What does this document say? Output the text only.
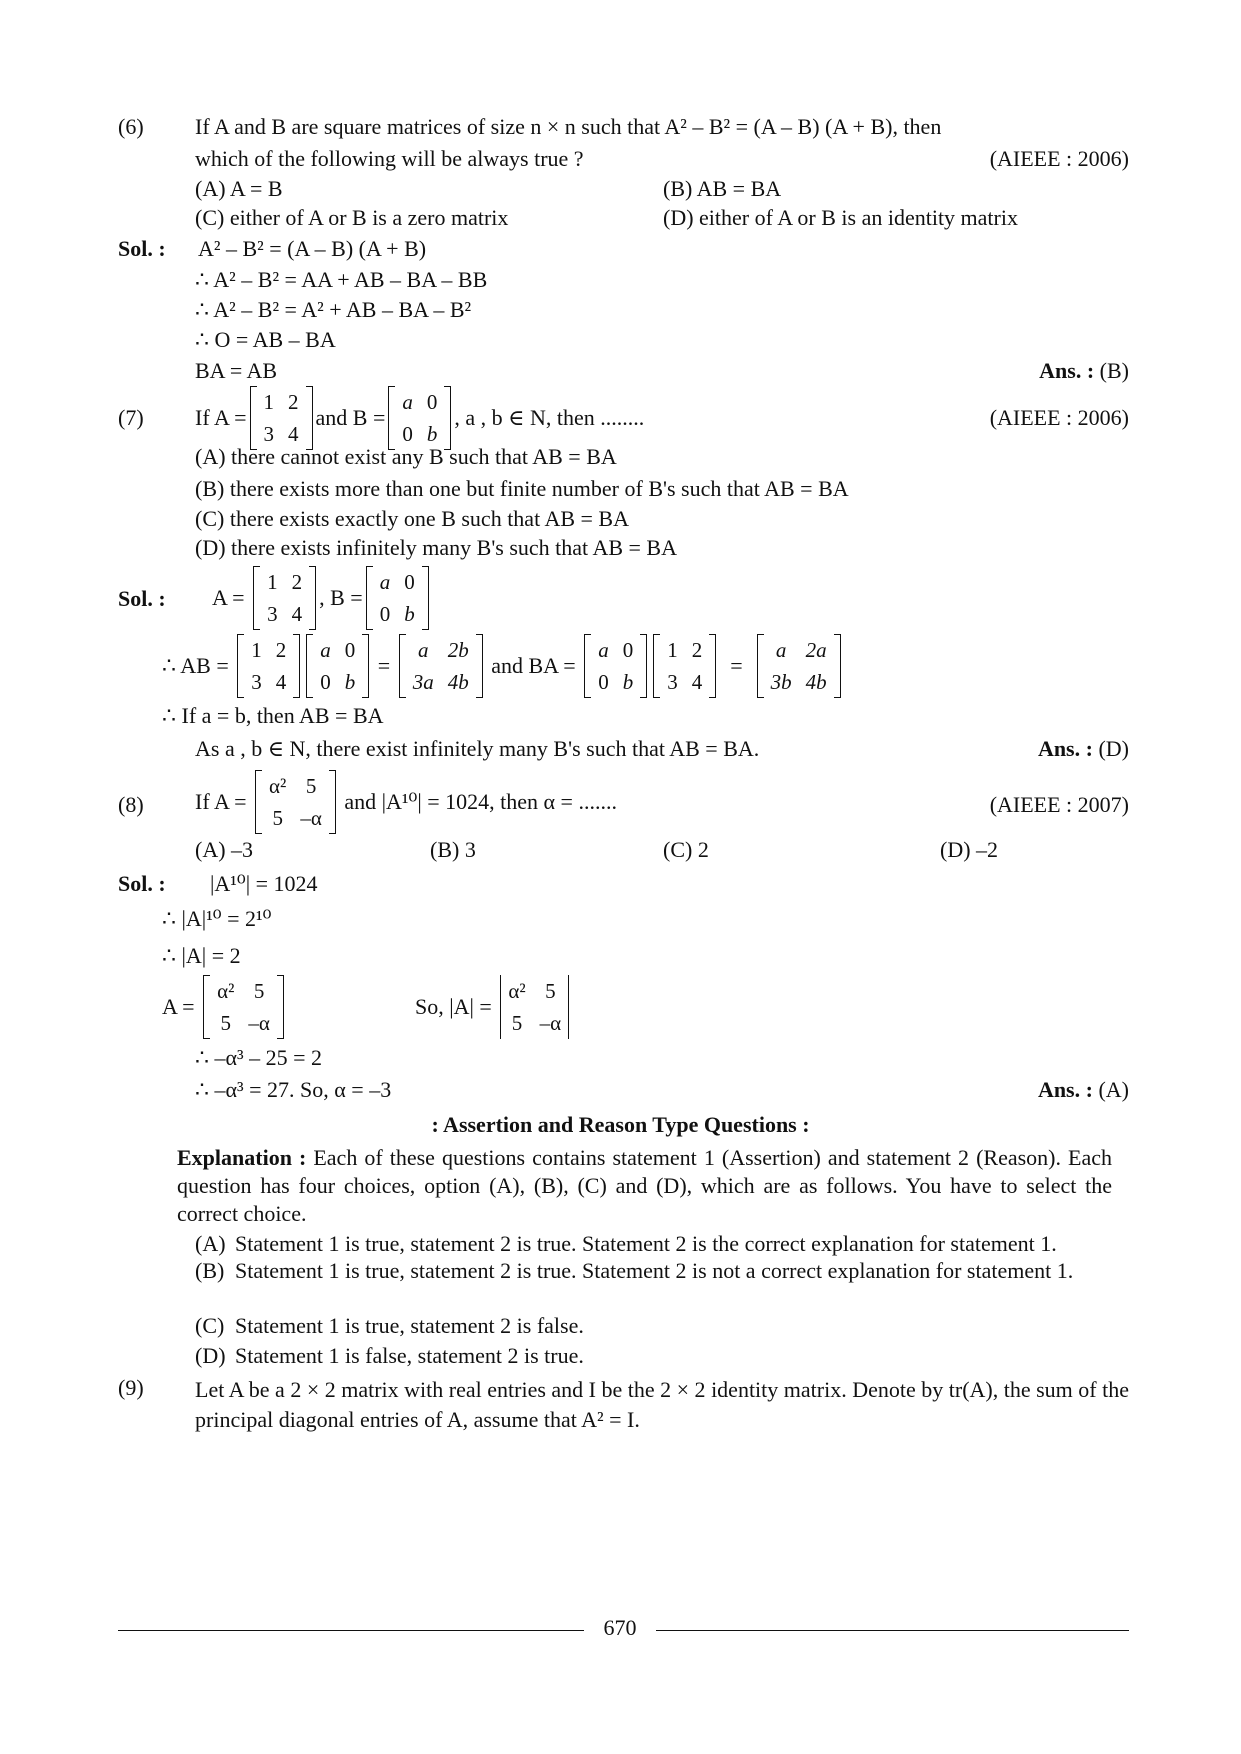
(6) If A and B are square matrices of size n × n such that A² – B² = (A – B) (A + B), then
which of the following will be always true ?	(AIEEE : 2006)
(A) A = B	(B) AB = BA
(C) either of A or B is a zero matrix	(D) either of A or B is an identity matrix
Sol. : A² – B² = (A – B) (A + B)
∴ A² – B² = AA + AB – BA – BB
∴ A² – B² = A² + AB – BA – B²
∴ O = AB – BA
BA = AB	Ans. : (B)
(7) If A =
1	2
3	4
and B =
a	0
0	b
, a , b ∈ N, then ........	(AIEEE : 2006)
(A) there cannot exist any B such that AB = BA
(B) there exists more than one but finite number of B's such that AB = BA
(C) there exists exactly one B such that AB = BA
(D) there exists infinitely many B's such that AB = BA
Sol. : A =

1	2
3	4
, B =
a	0
0	b
∴ AB =

1	2
3	4
a	0
0	b

=

a	2b
3a	4b

and BA =

a	0
0	b
1	2
3	4

=

a	2a
3b	4b
∴ If a = b, then AB = BA
As a , b ∈ N, there exist infinitely many B's such that AB = BA.	Ans. : (D)
(8) If A =

α²	5
5	–α

and |A¹⁰| = 1024, then α = .......	(AIEEE : 2007)
(A) –3	(B) 3	(C) 2	(D) –2
Sol. : |A¹⁰| = 1024
∴ |A|¹⁰ = 2¹⁰
∴ |A| = 2
A =

α²	5
5	–α
So, |A| =

α²	5
5	–α
∴ –α³ – 25 = 2
∴ –α³ = 27. So, α = –3	Ans. : (A)
: Assertion and Reason Type Questions :
Explanation : Each of these questions contains statement 1 (Assertion) and statement 2 (Reason). Each question has four choices, option (A), (B), (C) and (D), which are as follows. You have to select the correct choice.
(A) Statement 1 is true, statement 2 is true. Statement 2 is the correct explanation for statement 1.
(B) Statement 1 is true, statement 2 is true. Statement 2 is not a correct explanation for statement 1.
(C) Statement 1 is true, statement 2 is false.
(D) Statement 1 is false, statement 2 is true.
(9) Let A be a 2 × 2 matrix with real entries and I be the 2 × 2 identity matrix. Denote by tr(A), the sum of the principal diagonal entries of A, assume that A² = I.
670
